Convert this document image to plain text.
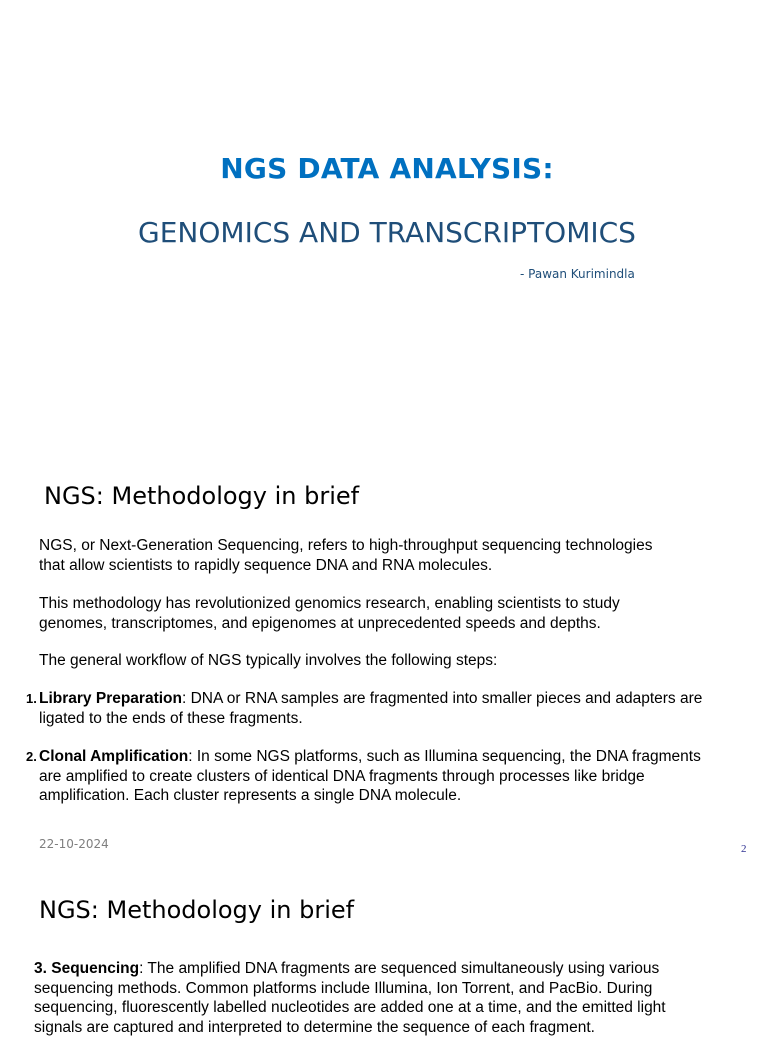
NGS DATA ANALYSIS:
GENOMICS AND TRANSCRIPTOMICS
- Pawan Kurimindla
NGS: Methodology in brief
NGS, or Next-Generation Sequencing, refers to high-throughput sequencing technologies that allow scientists to rapidly sequence DNA and RNA molecules.
This methodology has revolutionized genomics research, enabling scientists to study genomes, transcriptomes, and epigenomes at unprecedented speeds and depths.
The general workflow of NGS typically involves the following steps:
1. Library Preparation: DNA or RNA samples are fragmented into smaller pieces and adapters are ligated to the ends of these fragments.
2. Clonal Amplification: In some NGS platforms, such as Illumina sequencing, the DNA fragments are amplified to create clusters of identical DNA fragments through processes like bridge amplification. Each cluster represents a single DNA molecule.
22-10-2024	2
NGS: Methodology in brief
3. Sequencing: The amplified DNA fragments are sequenced simultaneously using various sequencing methods. Common platforms include Illumina, Ion Torrent, and PacBio. During sequencing, fluorescently labelled nucleotides are added one at a time, and the emitted light signals are captured and interpreted to determine the sequence of each fragment.
